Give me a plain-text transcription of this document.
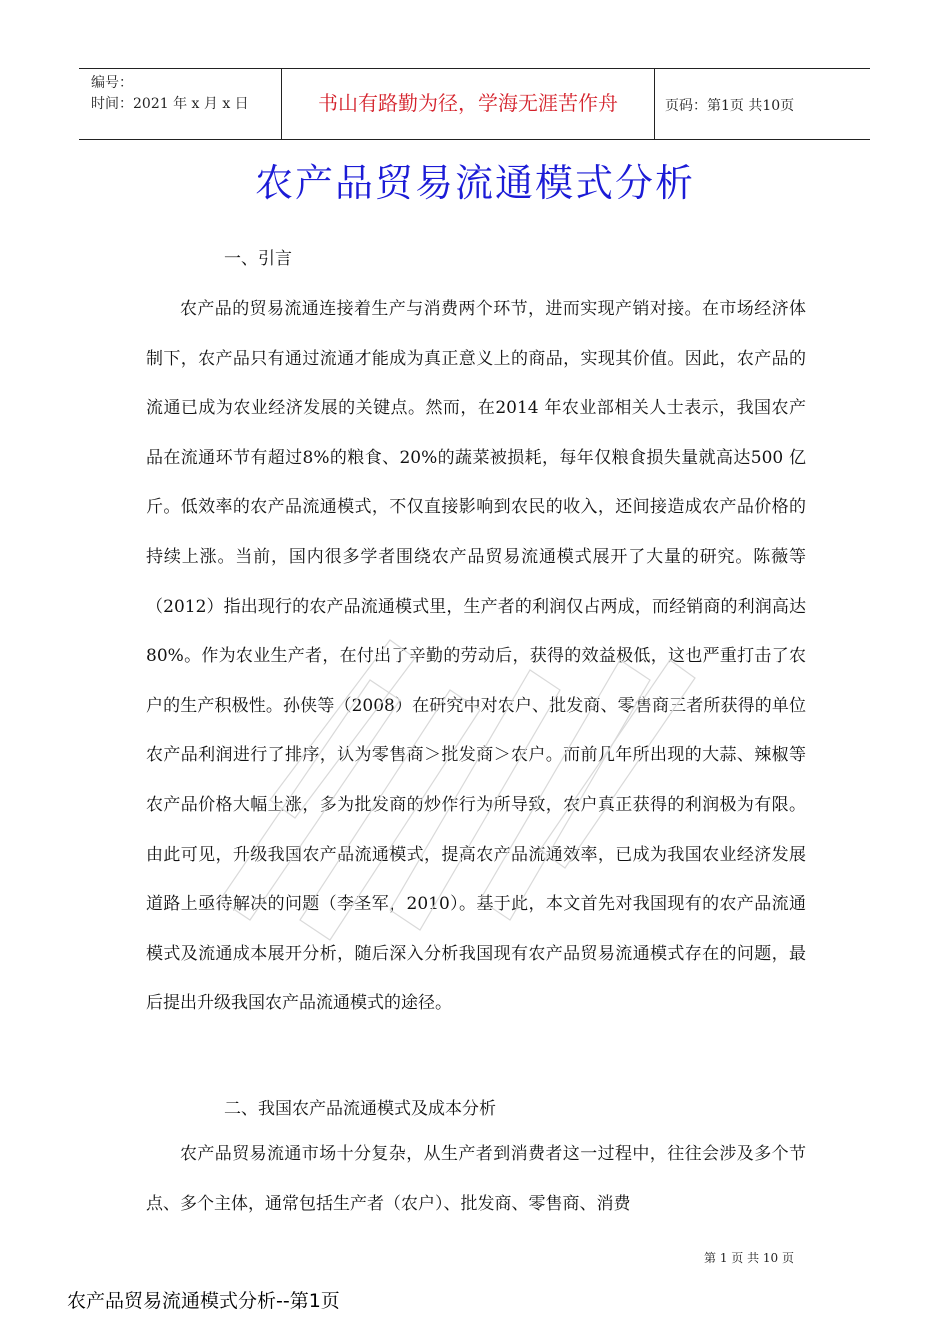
编号：
时间：2021 年 x 月 x 日	书山有路勤为径，学海无涯苦作舟	页码：第1页 共10页
农产品贸易流通模式分析
一、引言

农产品的贸易流通连接着生产与消费两个环节，进而实现产销对接。在市场经济体制下，农产品只有通过流通才能成为真正意义上的商品，实现其价值。因此，农产品的流通已成为农业经济发展的关键点。然而，在2014 年农业部相关人士表示，我国农产品在流通环节有超过8%的粮食、20%的蔬菜被损耗，每年仅粮食损失量就高达500 亿斤。低效率的农产品流通模式，不仅直接影响到农民的收入，还间接造成农产品价格的持续上涨。当前，国内很多学者围绕农产品贸易流通模式展开了大量的研究。陈薇等（2012）指出现行的农产品流通模式里，生产者的利润仅占两成，而经销商的利润高达80%。作为农业生产者，在付出了辛勤的劳动后，获得的效益极低，这也严重打击了农户的生产积极性。孙侠等（2008）在研究中对农户、批发商、零售商三者所获得的单位农产品利润进行了排序，认为零售商＞批发商＞农户。而前几年所出现的大蒜、辣椒等农产品价格大幅上涨，多为批发商的炒作行为所导致，农户真正获得的利润极为有限。由此可见，升级我国农产品流通模式，提高农产品流通效率，已成为我国农业经济发展道路上亟待解决的问题（李圣军，2010）。基于此，本文首先对我国现有的农产品流通模式及流通成本展开分析，随后深入分析我国现有农产品贸易流通模式存在的问题，最后提出升级我国农产品流通模式的途径。

二、我国农产品流通模式及成本分析

农产品贸易流通市场十分复杂，从生产者到消费者这一过程中，往往会涉及多个节点、多个主体，通常包括生产者（农户）、批发商、零售商、消费

第 1 页 共 10 页
农产品贸易流通模式分析--第1页
